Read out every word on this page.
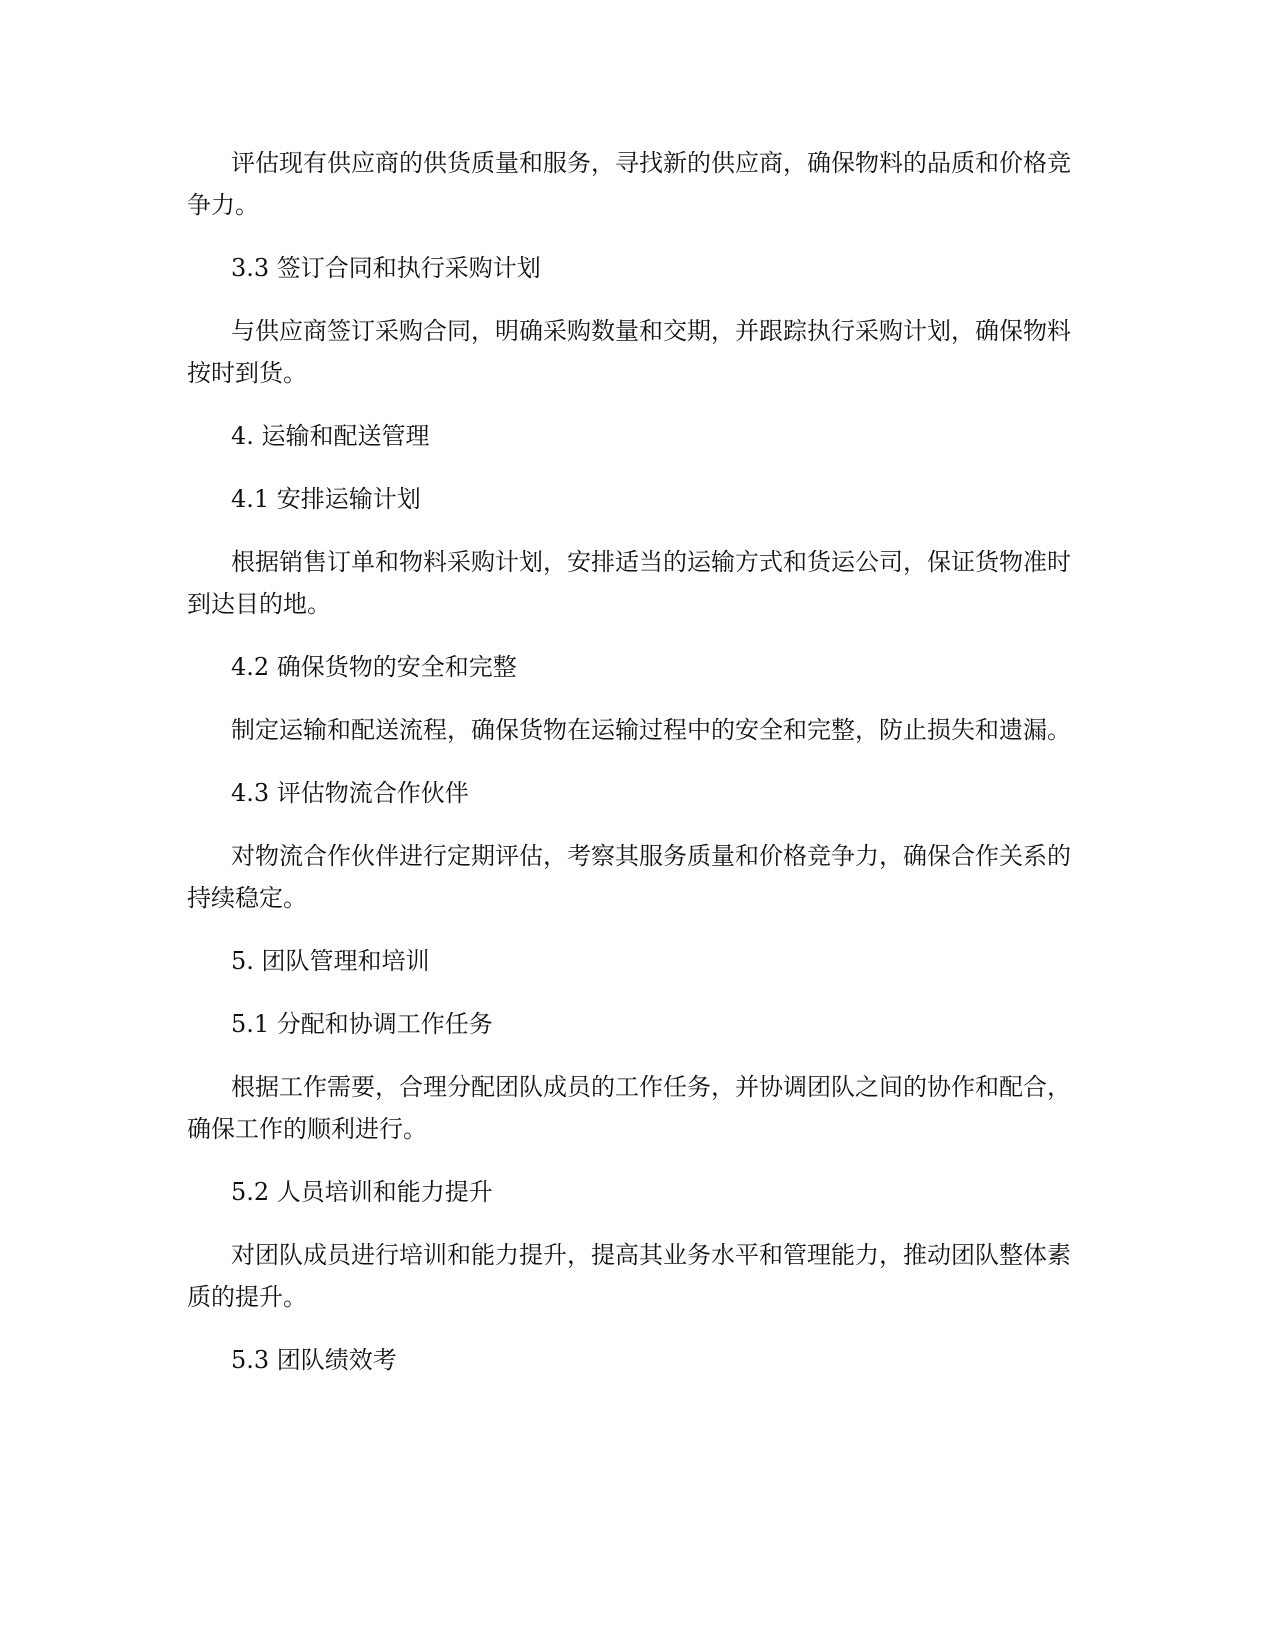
评估现有供应商的供货质量和服务，寻找新的供应商，确保物料的品质和价格竞争力。

3.3 签订合同和执行采购计划

与供应商签订采购合同，明确采购数量和交期，并跟踪执行采购计划，确保物料按时到货。

4. 运输和配送管理

4.1 安排运输计划

根据销售订单和物料采购计划，安排适当的运输方式和货运公司，保证货物准时到达目的地。

4.2 确保货物的安全和完整

制定运输和配送流程，确保货物在运输过程中的安全和完整，防止损失和遗漏。

4.3 评估物流合作伙伴

对物流合作伙伴进行定期评估，考察其服务质量和价格竞争力，确保合作关系的持续稳定。

5. 团队管理和培训

5.1 分配和协调工作任务

根据工作需要，合理分配团队成员的工作任务，并协调团队之间的协作和配合，确保工作的顺利进行。

5.2 人员培训和能力提升

对团队成员进行培训和能力提升，提高其业务水平和管理能力，推动团队整体素质的提升。

5.3 团队绩效考
